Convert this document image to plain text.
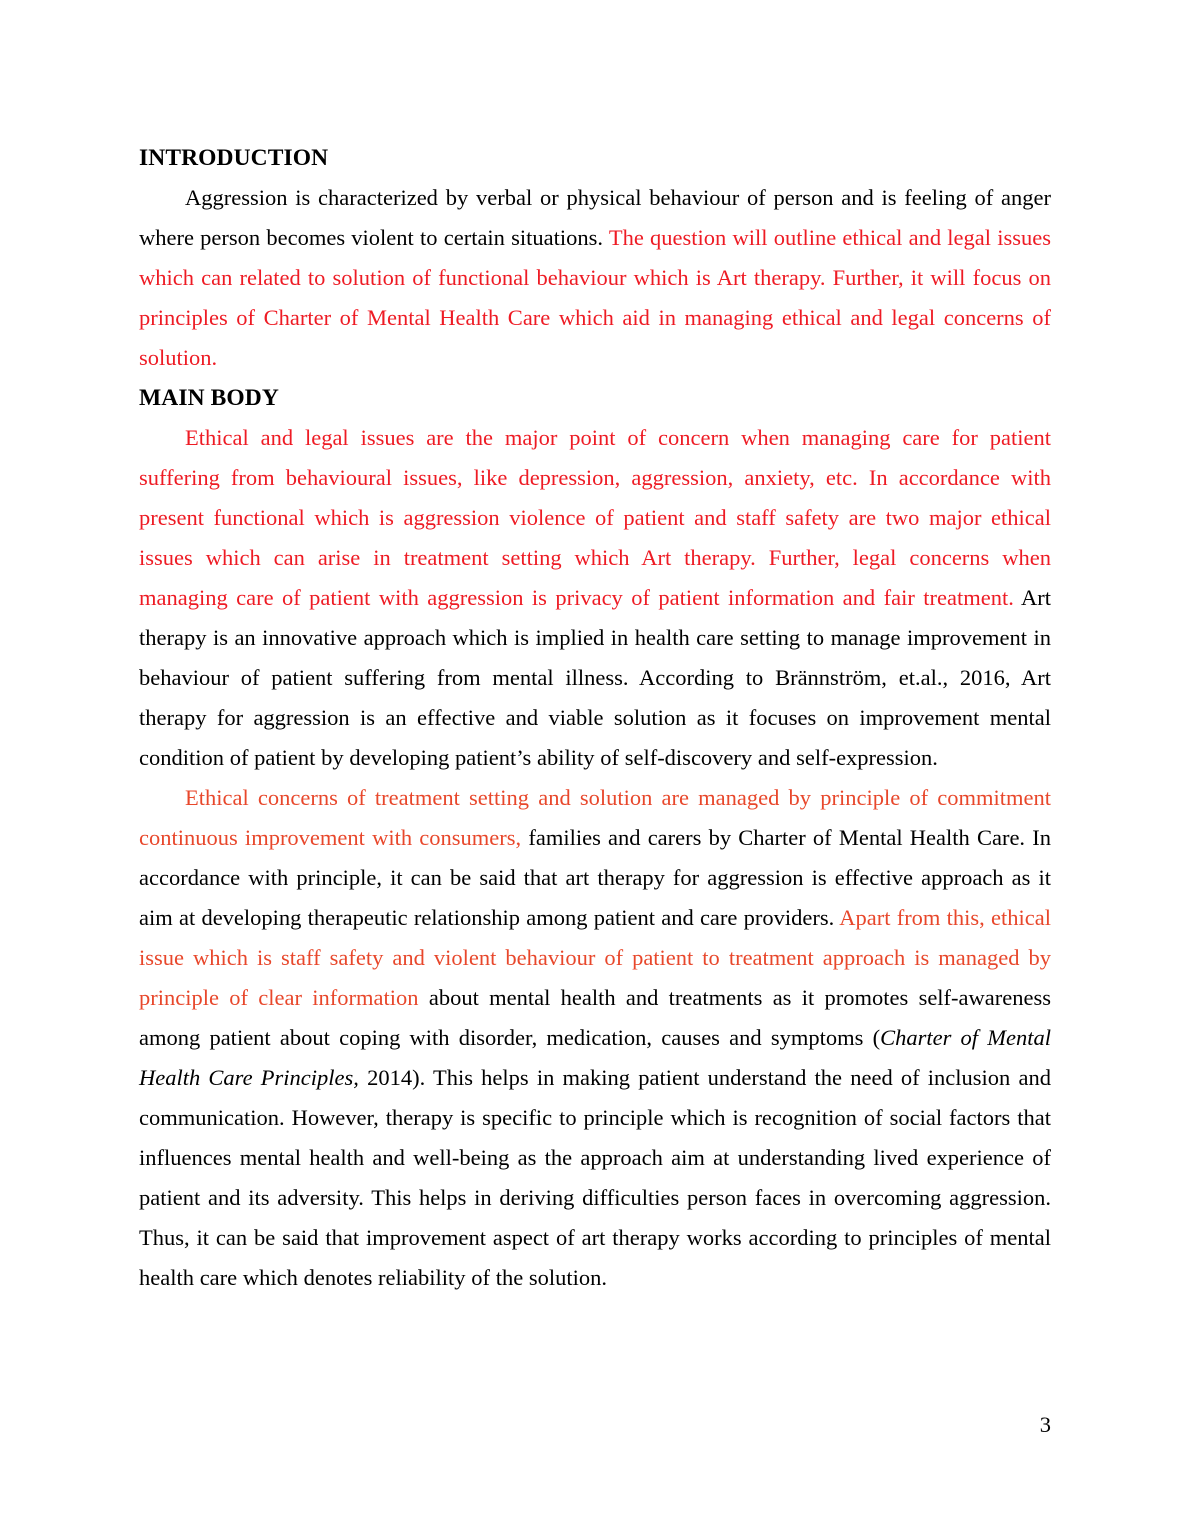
INTRODUCTION

Aggression is characterized by verbal or physical behaviour of person and is feeling of anger where person becomes violent to certain situations. The question will outline ethical and legal issues which can related to solution of functional behaviour which is Art therapy. Further, it will focus on principles of Charter of Mental Health Care which aid in managing ethical and legal concerns of solution.

MAIN BODY

Ethical and legal issues are the major point of concern when managing care for patient suffering from behavioural issues, like depression, aggression, anxiety, etc. In accordance with present functional which is aggression violence of patient and staff safety are two major ethical issues which can arise in treatment setting which Art therapy. Further, legal concerns when managing care of patient with aggression is privacy of patient information and fair treatment. Art therapy is an innovative approach which is implied in health care setting to manage improvement in behaviour of patient suffering from mental illness. According to Brännström, et.al., 2016, Art therapy for aggression is an effective and viable solution as it focuses on improvement mental condition of patient by developing patient’s ability of self-discovery and self-expression.

Ethical concerns of treatment setting and solution are managed by principle of commitment continuous improvement with consumers, families and carers by Charter of Mental Health Care. In accordance with principle, it can be said that art therapy for aggression is effective approach as it aim at developing therapeutic relationship among patient and care providers. Apart from this, ethical issue which is staff safety and violent behaviour of patient to treatment approach is managed by principle of clear information about mental health and treatments as it promotes self-awareness among patient about coping with disorder, medication, causes and symptoms (Charter of Mental Health Care Principles, 2014). This helps in making patient understand the need of inclusion and communication. However, therapy is specific to principle which is recognition of social factors that influences mental health and well-being as the approach aim at understanding lived experience of patient and its adversity. This helps in deriving difficulties person faces in overcoming aggression. Thus, it can be said that improvement aspect of art therapy works according to principles of mental health care which denotes reliability of the solution.

3
